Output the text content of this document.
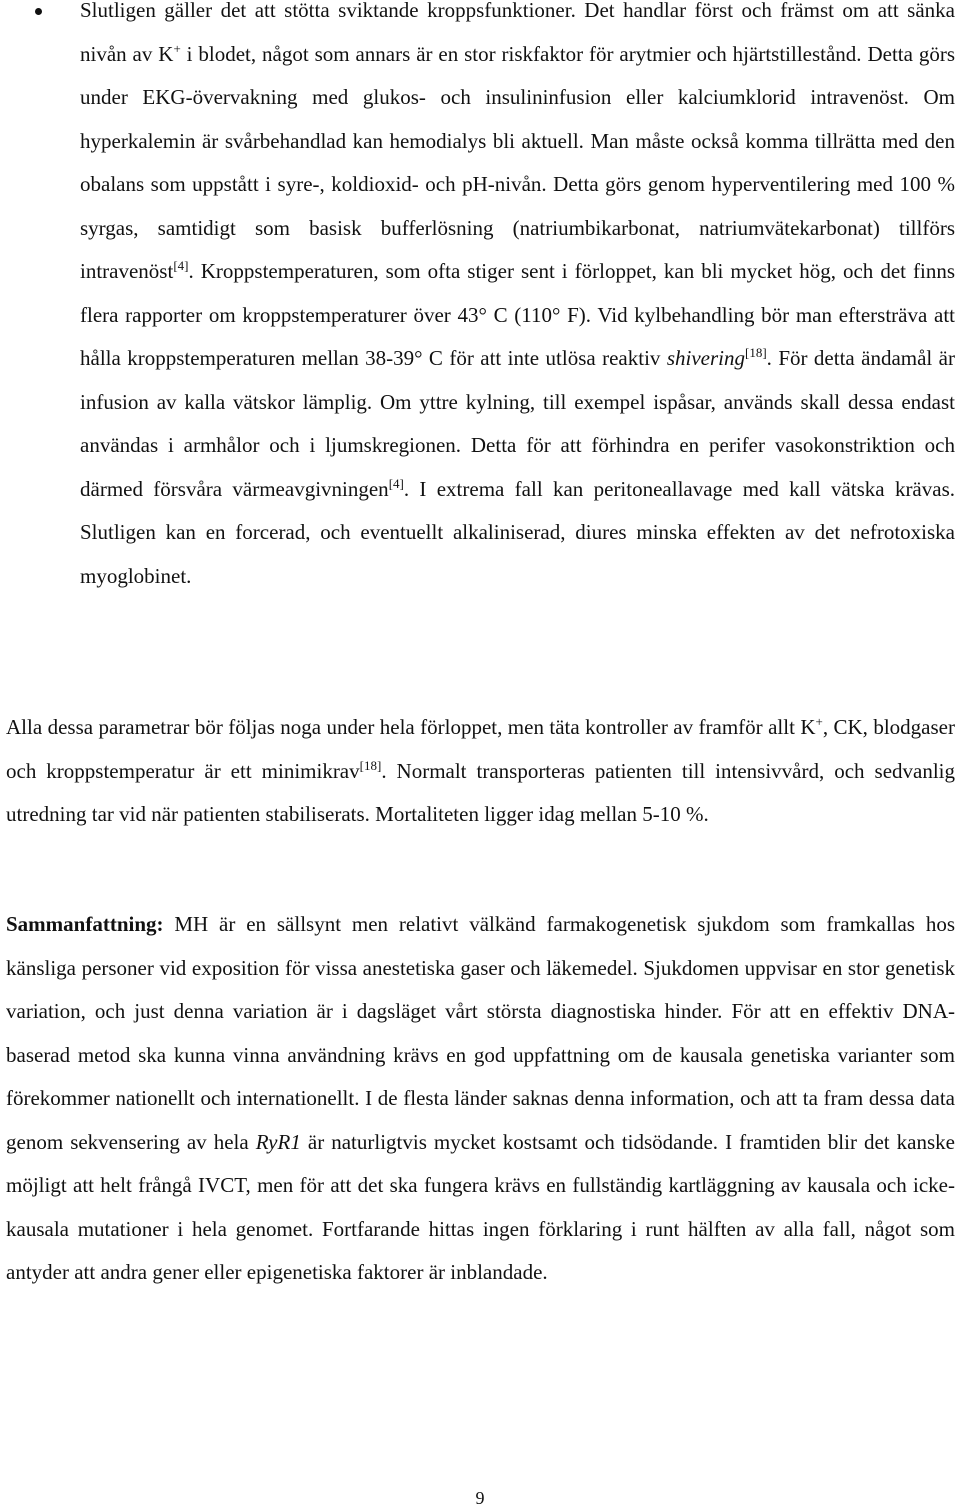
Slutligen gäller det att stötta sviktande kroppsfunktioner. Det handlar först och främst om att sänka nivån av K+ i blodet, något som annars är en stor riskfaktor för arytmier och hjärtstillestånd. Detta görs under EKG-övervakning med glukos- och insulininfusion eller kalciumklorid intravenöst. Om hyperkalemin är svårbehandlad kan hemodialys bli aktuell. Man måste också komma tillrätta med den obalans som uppstått i syre-, koldioxid- och pH-nivån. Detta görs genom hyperventilering med 100 % syrgas, samtidigt som basisk bufferlösning (natriumbikarbonat, natriumvätekarbonat) tillförs intravenöst[4]. Kroppstemperaturen, som ofta stiger sent i förloppet, kan bli mycket hög, och det finns flera rapporter om kroppstemperaturer över 43° C (110° F). Vid kylbehandling bör man eftersträva att hålla kroppstemperaturen mellan 38-39° C för att inte utlösa reaktiv shivering[18]. För detta ändamål är infusion av kalla vätskor lämplig. Om yttre kylning, till exempel ispåsar, används skall dessa endast användas i armhålor och i ljumskregionen. Detta för att förhindra en perifer vasokonstriktion och därmed försvåra värmeavgivningen[4]. I extrema fall kan peritoneallavage med kall vätska krävas. Slutligen kan en forcerad, och eventuellt alkaliniserad, diures minska effekten av det nefrotoxiska myoglobinet.

Alla dessa parametrar bör följas noga under hela förloppet, men täta kontroller av framför allt K+, CK, blodgaser och kroppstemperatur är ett minimikrav[18]. Normalt transporteras patienten till intensivvård, och sedvanlig utredning tar vid när patienten stabiliserats. Mortaliteten ligger idag mellan 5-10 %.

Sammanfattning: MH är en sällsynt men relativt välkänd farmakogenetisk sjukdom som framkallas hos känsliga personer vid exposition för vissa anestetiska gaser och läkemedel. Sjukdomen uppvisar en stor genetisk variation, och just denna variation är i dagsläget vårt största diagnostiska hinder. För att en effektiv DNA-baserad metod ska kunna vinna användning krävs en god uppfattning om de kausala genetiska varianter som förekommer nationellt och internationellt. I de flesta länder saknas denna information, och att ta fram dessa data genom sekvensering av hela RyR1 är naturligtvis mycket kostsamt och tidsödande. I framtiden blir det kanske möjligt att helt frångå IVCT, men för att det ska fungera krävs en fullständig kartläggning av kausala och icke-kausala mutationer i hela genomet. Fortfarande hittas ingen förklaring i runt hälften av alla fall, något som antyder att andra gener eller epigenetiska faktorer är inblandade.

9
